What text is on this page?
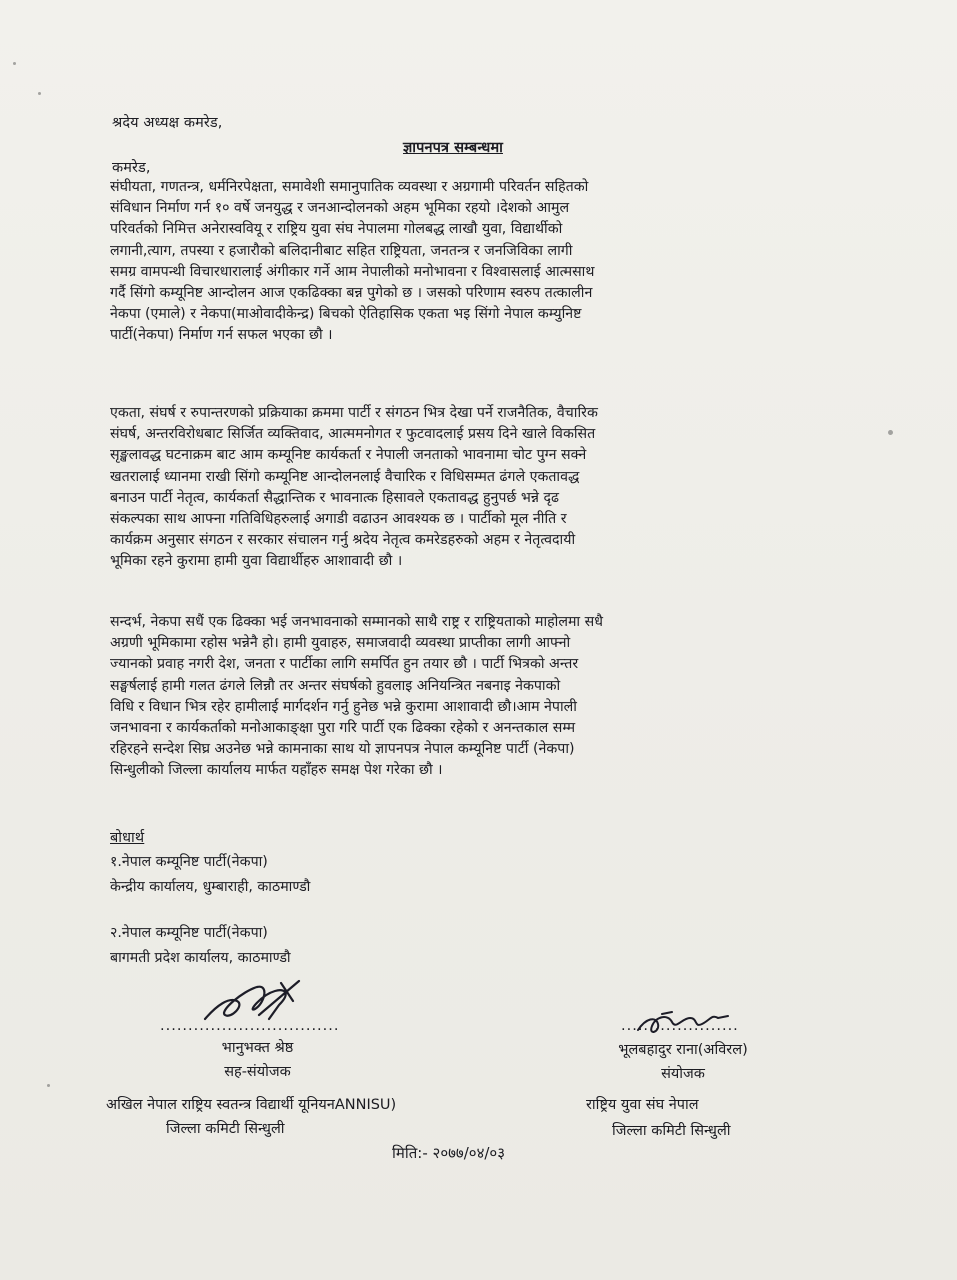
श्रदेय अध्यक्ष कमरेड,
ज्ञापनपत्र सम्बन्धमा
कमरेड,
संघीयता, गणतन्त्र, धर्मनिरपेक्षता, समावेशी समानुपातिक व्यवस्था र अग्रगामी परिवर्तन सहितको
संविधान निर्माण गर्न १० वर्षे जनयुद्ध र जनआन्दोलनको अहम भूमिका रहयो ।देशको आमुल
परिवर्तको निमित्त अनेरास्ववियू र राष्ट्रिय युवा संघ नेपालमा गोलबद्ध लाखौ युवा, विद्यार्थीको
लगानी,त्याग, तपस्या र हजारौको बलिदानीबाट सहित राष्ट्रियता, जनतन्त्र र जनजिविका लागी
समग्र वामपन्थी विचारधारालाई अंगीकार गर्ने आम नेपालीको मनोभावना र विश्वासलाई आत्मसाथ
गर्दै सिंगो कम्यूनिष्ट आन्दोलन आज एकढिक्का बन्न पुगेको छ । जसको परिणाम स्वरुप तत्कालीन
नेकपा (एमाले) र नेकपा(माओवादीकेन्द्र) बिचको ऐतिहासिक एकता भइ सिंगो नेपाल कम्युनिष्ट
पार्टी(नेकपा) निर्माण गर्न सफल भएका छौ ।
एकता, संघर्ष र रुपान्तरणको प्रक्रियाका क्रममा पार्टी र संगठन भित्र देखा पर्ने राजनैतिक, वैचारिक
संघर्ष, अन्तरविरोधबाट सिर्जित व्यक्तिवाद, आत्ममनोगत र फुटवादलाई प्रसय दिने खाले विकसित
सृङ्खलावद्ध घटनाक्रम बाट आम कम्यूनिष्ट कार्यकर्ता र नेपाली जनताको भावनामा चोट पुग्न सक्ने
खतरालाई ध्यानमा राखी सिंगो कम्यूनिष्ट आन्दोलनलाई वैचारिक र विधिसम्मत ढंगले एकतावद्ध
बनाउन पार्टी नेतृत्व, कार्यकर्ता सैद्धान्तिक र भावनात्क हिसावले एकतावद्ध हुनुपर्छ भन्ने दृढ
संकल्पका साथ आफ्ना गतिविधिहरुलाई अगाडी वढाउन आवश्यक छ । पार्टीको मूल नीति र
कार्यक्रम अनुसार संगठन र सरकार संचालन गर्नु श्रदेय नेतृत्व कमरेडहरुको अहम र नेतृत्वदायी
भूमिका रहने कुरामा हामी युवा विद्यार्थीहरु आशावादी छौ ।
सन्दर्भ, नेकपा सधैं एक ढिक्का भई जनभावनाको सम्मानको साथै राष्ट्र र राष्ट्रियताको माहोलमा सधै
अग्रणी भूमिकामा रहोस भन्नेनै हो। हामी युवाहरु, समाजवादी व्यवस्था प्राप्तीका लागी आफ्नो
ज्यानको प्रवाह नगरी देश, जनता र पार्टीका लागि समर्पित हुन तयार छौ । पार्टी भित्रको अन्तर
सङ्घर्षलाई हामी गलत ढंगले लिन्नौ तर अन्तर संघर्षको हुवलाइ अनियन्त्रित नबनाइ नेकपाको
विधि र विधान भित्र रहेर हामीलाई मार्गदर्शन गर्नु हुनेछ भन्ने कुरामा आशावादी छौ।आम नेपाली
जनभावना र कार्यकर्ताको मनोआकाङ्क्षा पुरा गरि पार्टी एक ढिक्का रहेको र अनन्तकाल सम्म
रहिरहने सन्देश सिघ्र अउनेछ भन्ने कामनाका साथ यो ज्ञापनपत्र नेपाल कम्यूनिष्ट पार्टी (नेकपा)
सिन्धुलीको जिल्ला कार्यालय मार्फत यहाँहरु समक्ष पेश गरेका छौ ।
बोधार्थ
१.नेपाल कम्यूनिष्ट पार्टी(नेकपा)
केन्द्रीय कार्यालय, धुम्बाराही, काठमाण्डौ
२.नेपाल कम्यूनिष्ट पार्टी(नेकपा)
बागमती प्रदेश कार्यालय, काठमाण्डौ
................................
भानुभक्त श्रेष्ठ
सह-संयोजक
अखिल नेपाल राष्ट्रिय स्वतन्त्र विद्यार्थी यूनियनANNISU)
जिल्ला कमिटी सिन्धुली
.....................
भूलबहादुर राना(अविरल)
संयोजक
राष्ट्रिय युवा संघ नेपाल
जिल्ला कमिटी सिन्धुली
मिति:- २०७७/०४/०३
